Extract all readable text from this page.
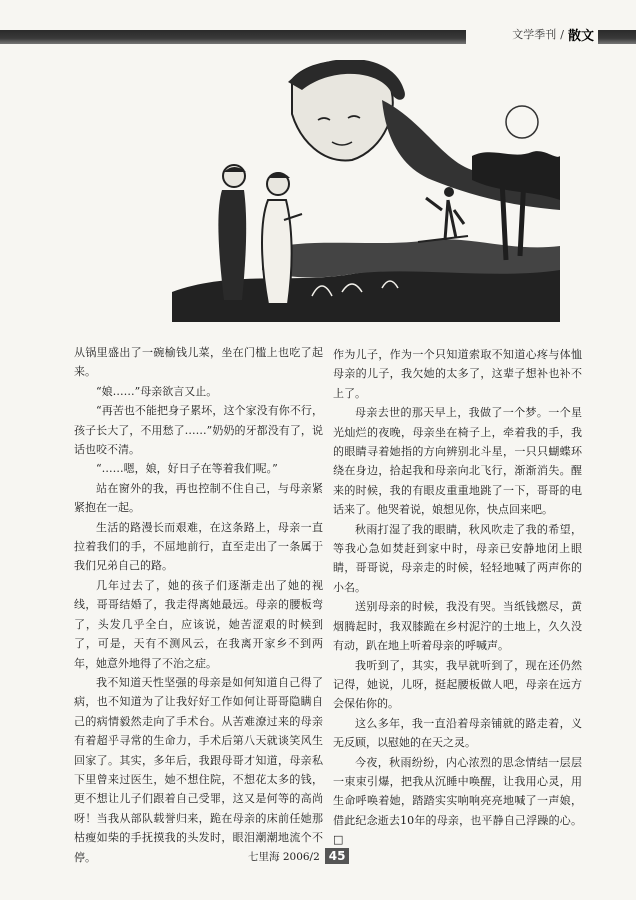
文学季刊 / 散文

从锅里盛出了一碗榆钱儿菜，坐在门槛上也吃了起来。

“娘……”母亲欲言又止。

“再苦也不能把身子累坏，这个家没有你不行，孩子长大了，不用愁了……”奶奶的牙都没有了，说话也咬不清。

“……嗯，娘，好日子在等着我们呢。”

站在窗外的我，再也控制不住自己，与母亲紧紧抱在一起。

生活的路漫长而艰难，在这条路上，母亲一直拉着我们的手，不屈地前行，直至走出了一条属于我们兄弟自己的路。

几年过去了，她的孩子们逐渐走出了她的视线，哥哥结婚了，我走得离她最远。母亲的腰板弯了，头发几乎全白，应该说，她苦涩艰的时候到了，可是，天有不测风云，在我离开家乡不到两年，她意外地得了不治之症。

我不知道天性坚强的母亲是如何知道自己得了病，也不知道为了让我好好工作如何让哥哥隐瞒自己的病情毅然走向了手术台。从苦难潦过来的母亲有着超乎寻常的生命力，手术后第八天就谈笑风生回家了。其实，多年后，我跟母哥才知道，母亲私下里曾来过医生，她不想住院，不想花太多的钱，更不想让儿子们跟着自己受罪，这又是何等的高尚呀！当我从部队载誉归来，跪在母亲的床前任她那枯瘦如柴的手抚摸我的头发时，眼泪潮潮地流个不停。

作为儿子，作为一个只知道索取不知道心疼与体恤母亲的儿子，我欠她的太多了，这辈子想补也补不上了。

母亲去世的那天早上，我做了一个梦。一个星光灿烂的夜晚，母亲坐在椅子上，牵着我的手，我的眼睛寻着她指的方向辨别北斗星，一只只蝴蝶环绕在身边，拾起我和母亲向北飞行，渐渐消失。醒来的时候，我的有眼皮重重地跳了一下，哥哥的电话来了。他哭着说，娘想见你，快点回来吧。

秋雨打湿了我的眼睛，秋风吹走了我的希望，等我心急如焚赶到家中时，母亲已安静地闭上眼睛，哥哥说，母亲走的时候，轻轻地喊了两声你的小名。

送别母亲的时候，我没有哭。当纸钱燃尽，黄烟腾起时，我双膝跪在乡村泥泞的土地上，久久没有动，趴在地上听着母亲的呼喊声。

我听到了，其实，我早就听到了，现在还仍然记得，她说，儿呀，挺起腰板做人吧，母亲在远方会保佑你的。

这么多年，我一直沿着母亲铺就的路走着，义无反顾，以慰她的在天之灵。

今夜，秋雨纷纷，内心浓烈的思念情结一层层一束束引爆，把我从沉睡中唤醒，让我用心灵，用生命呼唤着她，踏踏实实响响亮亮地喊了一声娘，借此纪念逝去10年的母亲，也平静自己浮躁的心。□

七里海 2006/2 45
